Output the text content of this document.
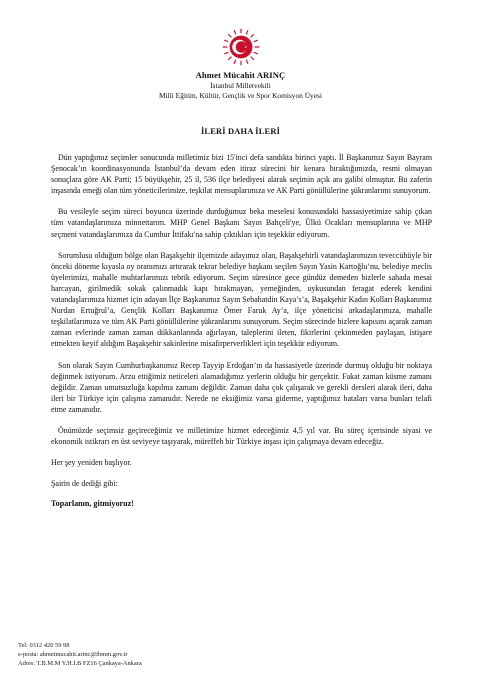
Ahmet Mücahit ARINÇ
İstanbul Milletvekili
Milli Eğitim, Kültür, Gençlik ve Spor Komisyon Üyesi
İLERİ DAHA İLERİ

Dün yaptığımız seçimler sonucunda milletimiz bizi 15'inci defa sandıkta birinci yaptı. İl Başkanımız Sayın Bayram Şenocak’ın koordinasyonunda İstanbul’da devam eden itiraz sürecini bir kenara bıraktığımızda, resmi olmayan sonuçlara göre AK Parti; 15 büyükşehir, 25 il, 536 ilçe belediyesi alarak seçimin açık ara galibi olmuştur. Bu zaferin inşasında emeği olan tüm yöneticilerimize, teşkilat mensuplarımıza ve AK Parti gönüllülerine şükranlarımı sunuyorum.

Bu vesileyle seçim süreci boyunca üzerinde durduğumuz beka meselesi konusundaki hassasiyetimize sahip çıkan tüm vatandaşlarımıza minnettarım. MHP Genel Başkanı Sayın Bahçeli'ye, Ülkü Ocakları mensuplarına ve MHP seçmeni vatandaşlarımıza da Cumhur İttifakı'na sahip çıktıkları için teşekkür ediyorum.

Sorumlusu olduğum bölge olan Başakşehir ilçemizde adayımız olan, Başakşehirli vatandaşlarımızın teveccühüyle bir önceki döneme kıyasla oy oranımızı artırarak tekrar belediye başkanı seçilen Sayın Yasin Kartoğlu’nu, belediye meclis üyelerimizi, mahalle muhtarlarımızı tebrik ediyorum. Seçim süresince gece gündüz demeden bizlerle sahada mesai harcayan, girilmedik sokak çalınmadık kapı bırakmayan, yemeğinden, uykusundan feragat ederek kendini vatandaşlarımıza hizmet için adayan İlçe Başkanımız Sayın Sebahatdin Kaya’s’a, Başakşehir Kadın Kolları Başkanımız Nurdan Ertuğrul’a, Gençlik Kolları Başkanımız Ömer Faruk Ay’a, ilçe yöneticisi arkadaşlarımıza, mahalle teşkilatlarımıza ve tüm AK Parti gönüllülerine şükranlarımı sunuyorum. Seçim sürecinde bizlere kapısını açarak zaman zaman evlerinde zaman zaman dükkanlarında ağırlayan, taleplerini ileten, fikirlerini çekinmeden paylaşan, istişare etmekten keyif aldığım Başakşehir sakinlerine misafirperverlikleri için teşekkür ediyorum.

Son olarak Sayın Cumhurbaşkanımız Recep Tayyip Erdoğan’ın da hassasiyetle üzerinde durmuş olduğu bir noktaya değinmek istiyorum. Arzu ettiğimiz neticeleri alamadığımız yerlerin olduğu bir gerçektir. Fakat zaman küsme zamanı değildir. Zaman umutsuzluğa kapılma zamanı değildir. Zaman daha çok çalışarak ve gerekli dersleri alarak ileri, daha ileri bir Türkiye için çalışma zamanıdır. Nerede ne eksiğimiz varsa giderme, yaptığımız hataları varsa bunları telafi etme zamanıdır.

Önümüzde seçimsiz geçireceğimiz ve milletimize hizmet edeceğimiz 4,5 yıl var. Bu süreç içerisinde siyasi ve ekonomik istikrarı en üst seviyeye taşıyarak, müreffeh bir Türkiye inşası için çalışmaya devam edeceğiz.

Her şey yeniden başlıyor.

Şairin de dediği gibi:

Toparlanın, gitmiyoruz!

Tel: 0312 420 59 98
e-posta: ahmetmucahit.arinc@tbmm.gov.tr
Adres: T.B.M.M Y.H.İ.B FZ16 Çankaya-Ankara
